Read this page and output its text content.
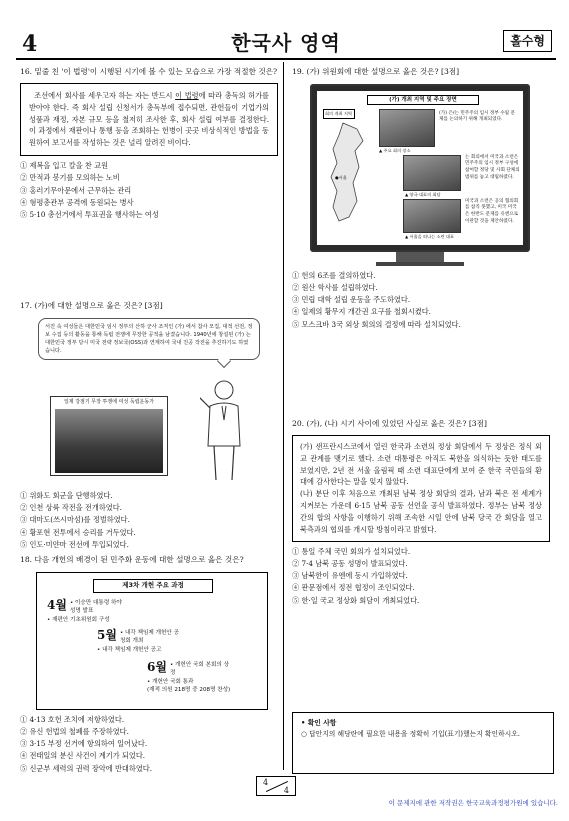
4	한국사 영역	홀수형
16. 밑줄 친 '이 법령'이 시행된 시기에 볼 수 있는 모습으로 가장 적절한 것은?
조선에서 회사를 세우고자 하는 자는 반드시 이 법령에 따라 총독의 허가를 받아야 한다. 즉 회사 설립 신청서가 총독부에 접수되면, 관헌들이 기업가의 성품과 재정, 자본 규모 등을 철저히 조사한 후, 회사 설립 여부를 결정한다. 이 과정에서 재판이나 통행 등을 조회하는 헌병이 곳곳 비상식적인 방법을 동원하여 보고서를 작성하는 것은 널리 알려진 비이다.
① 제복을 입고 칼을 찬 교원
② 만적과 봉기를 모의하는 노비
③ 홍러기무아문에서 근무하는 관리
④ 형평총관부 공격에 동원되는 병사
⑤ 5·10 총선거에서 투표권을 행사하는 여성
17. (가)에 대한 설명으로 옳은 것은? [3점]
서진 속 여성들은 대한민국 임시 정부의 산하 군사 조직인 (가) 에서 참사 모집, 대적 선전, 정보 수집 등의 활동을 통해 독립 전쟁에 무장한 공적을 남겼습니다. 1940년에 창설된 (가) 는 대한민국 정부 당시 미국 전략 정보국(OSS)과 연계하여 국내 진공 작전을 추진하기도 하였습니다.
일제 강점기 무장 투쟁에 여성 독립운동가
① 위화도 회군을 단행하였다.
② 인천 상륙 작전을 전개하였다.
③ 대마도(쓰시마섬)를 정벌하였다.
④ 황포현 전투에서 승리를 거두었다.
⑤ 인도·미얀마 전선에 투입되었다.
18. 다음 개헌의 배경이 된 민주화 운동에 대한 설명으로 옳은 것은?
제3차 개헌 주요 과정
4월 • 이승만 대통령 하야 성명 발표
• 재편안 기초위원회 구성
5월 • 내각 책임제 개헌안 공청회 개최
• 내각 책임제 개헌안 공고
6월 • 개헌안 국회 본회의 상정
• 개헌안 국회 통과
(재적 의원 218명 중 208명 찬성)
① 4·13 호헌 조치에 저항하였다.
② 유신 헌법의 철폐를 주장하였다.
③ 3·15 부정 선거에 항의하여 일어났다.
④ 전태일의 분신 사건이 계기가 되었다.
⑤ 신군부 세력의 권력 장악에 반대하였다.
19. (가) 위원회에 대한 설명으로 옳은 것은? [3점]
(가) 개최 지역 및 주요 장면
회의 개최 지역
●서울
▲ 주요 회의 장소
(가) 은/는 민주주의 임시 정부 수립 문제를 논의하기 위해 개최되었다.
▲ 양국 대표의 회담
는 회의에서 미국과 소련은 민주주의 임시 정부 구성에 참여할 정당 및 사회 단체의 범위를 놓고 대립하였다.
▲ 서울을 떠나는 소련 대표
미국과 소련은 공의 협의회를 참직 못했고, 미국 미국은 한반도 문제를 유엔으로 이관할 것을 제안하였다.
① 헌의 6조를 결의하였다.
② 원산 학사를 설립하였다.
③ 민립 대학 설립 운동을 주도하였다.
④ 일제의 황무지 개간권 요구를 철회시켰다.
⑤ 모스크바 3국 외상 회의의 결정에 따라 설치되었다.
20. (가), (나) 시기 사이에 있었던 사실로 옳은 것은? [3점]
(가) 샌프란시스코에서 열린 한국과 소련의 정상 회담에서 두 정상은 정식 외교 관계를 맺기로 했다. 소련 대통령은 아직도 북한을 의식하는 듯한 태도를 보였지만, 2년 전 서울 올림픽 때 소련 대표단에게 보여 준 한국 국민들의 환대에 감사한다는 말을 잊지 않았다.
(나) 분단 이후 처음으로 개최된 남북 정상 회담의 결과, 남과 북은 전 세계가 지켜보는 가운데 6·15 남북 공동 선언을 공식 발표하였다. 정부는 남북 정상 간의 합의 사항을 이행하기 위해 조속한 시일 안에 남북 당국 간 회담을 열고 북측과의 협의를 개시할 방침이라고 밝혔다.
① 통일 주체 국민 회의가 설치되었다.
② 7·4 남북 공동 성명이 발표되었다.
③ 남북한이 유엔에 동시 가입하였다.
④ 판문점에서 정전 협정이 조인되었다.
⑤ 한·일 국교 정상화 회담이 개최되었다.
• 확인 사항
○ 답안지의 해당란에 필요한 내용을 정확히 기입(표기)했는지 확인하시오.
4
4
이 문제지에 관한 저작권은 한국교육과정평가원에 있습니다.
